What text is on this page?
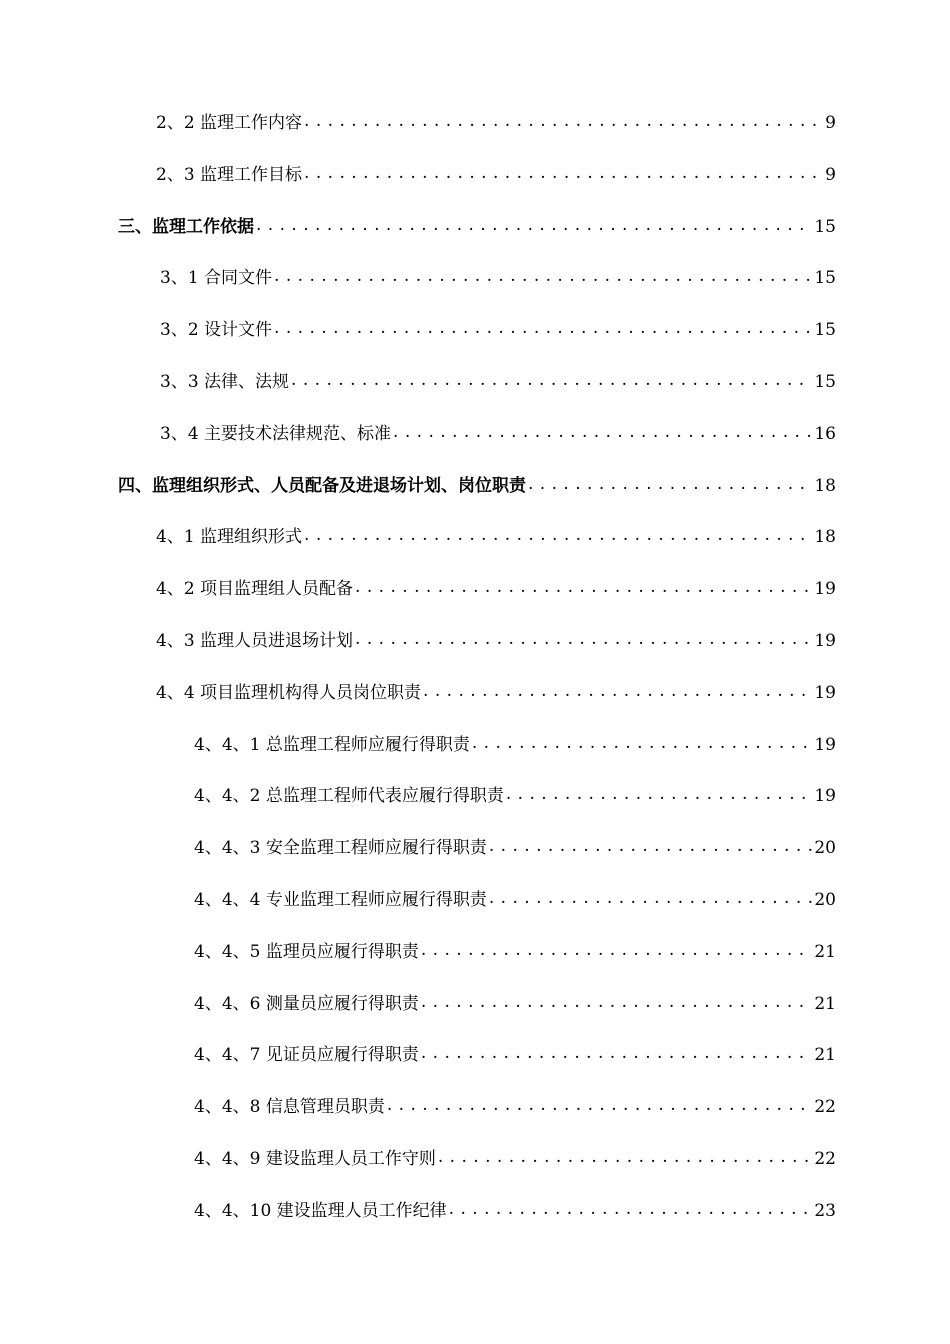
2、2 监理工作内容 . . .	9
2、3 监理工作目标 . . .	9
三、监理工作依据 . . .	15
3、1 合同文件 . . .	15
3、2 设计文件 . . .	15
3、3 法律、法规 . . .	15
3、4 主要技术法律规范、标准 . . .	16
四、监理组织形式、人员配备及进退场计划、岗位职责 . . .	18
4、1 监理组织形式 . . .	18
4、2 项目监理组人员配备 . . .	19
4、3 监理人员进退场计划 . . .	19
4、4 项目监理机构得人员岗位职责 . . .	19
4、4、1 总监理工程师应履行得职责 . . .	19
4、4、2 总监理工程师代表应履行得职责 . . .	19
4、4、3 安全监理工程师应履行得职责 . . .	20
4、4、4 专业监理工程师应履行得职责 . . .	20
4、4、5 监理员应履行得职责 . . .	21
4、4、6 测量员应履行得职责 . . .	21
4、4、7 见证员应履行得职责 . . .	21
4、4、8 信息管理员职责 . . .	22
4、4、9 建设监理人员工作守则 . . .	22
4、4、10 建设监理人员工作纪律 . . .	23
